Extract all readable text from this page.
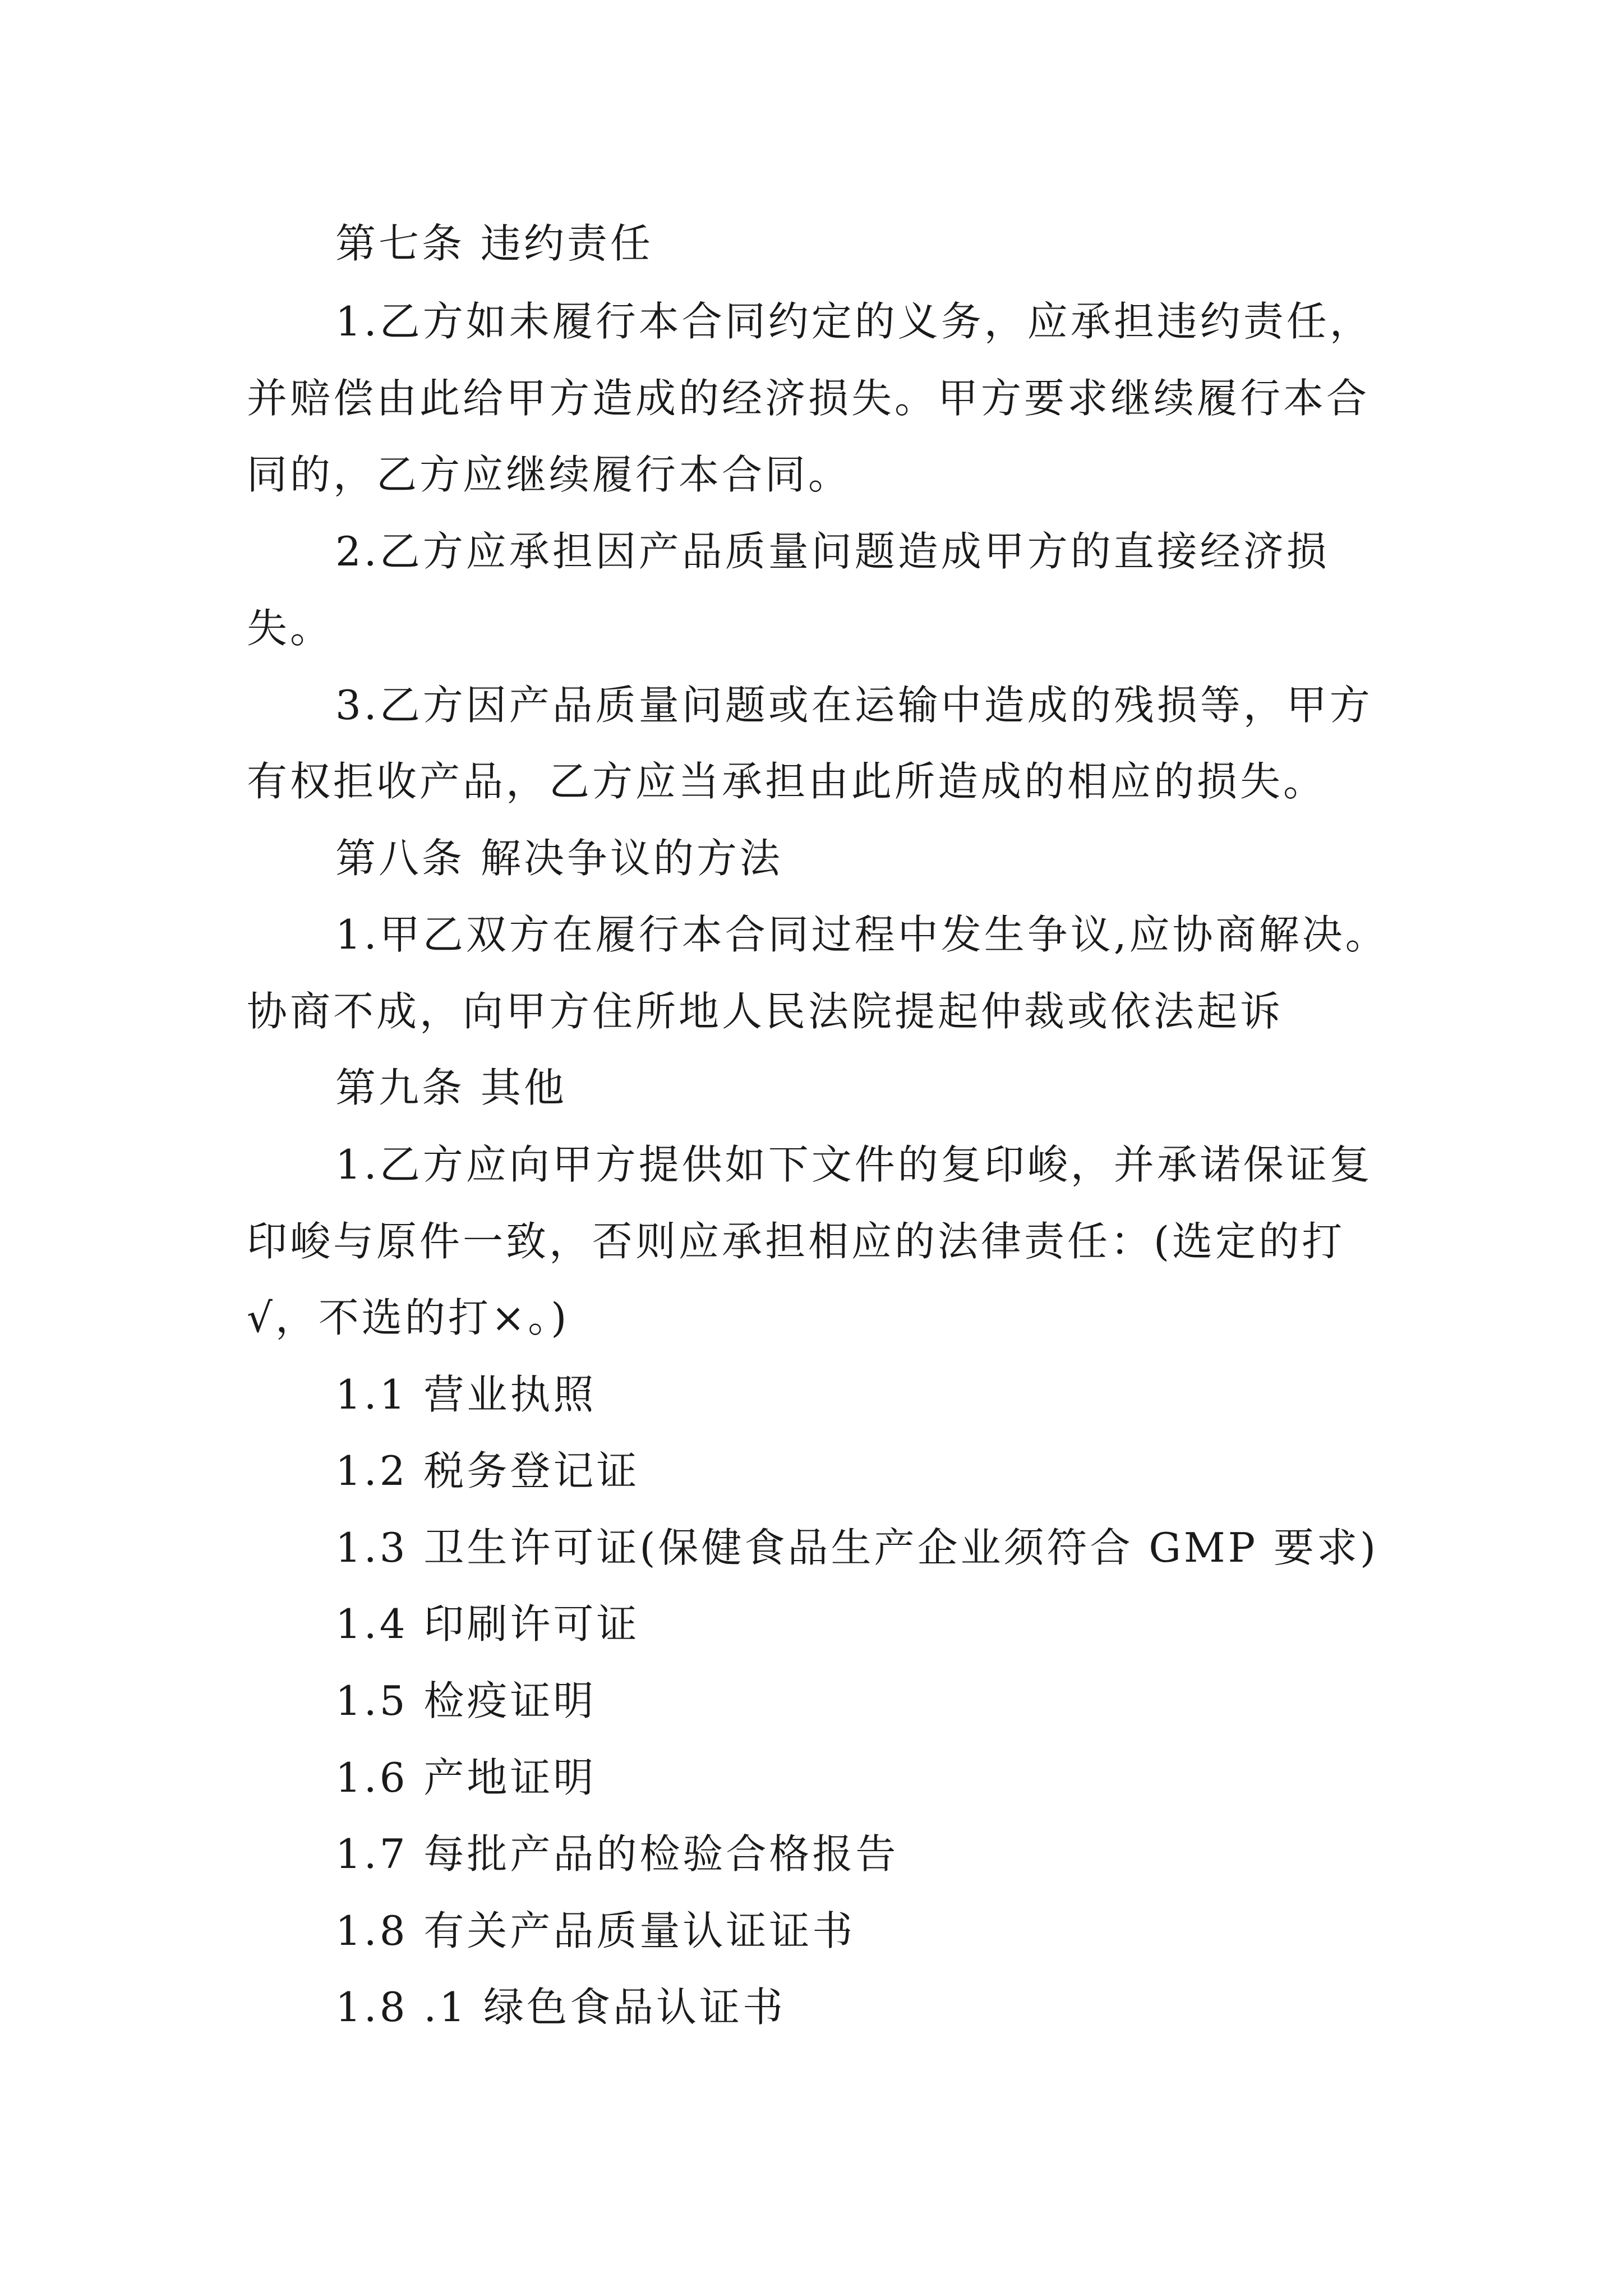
第七条 违约责任
1.乙方如未履行本合同约定的义务，应承担违约责任，
并赔偿由此给甲方造成的经济损失。甲方要求继续履行本合
同的，乙方应继续履行本合同。
2.乙方应承担因产品质量问题造成甲方的直接经济损
失。
3.乙方因产品质量问题或在运输中造成的残损等，甲方
有权拒收产品，乙方应当承担由此所造成的相应的损失。
第八条 解决争议的方法
1.甲乙双方在履行本合同过程中发生争议,应协商解决。
协商不成，向甲方住所地人民法院提起仲裁或依法起诉
第九条 其他
1.乙方应向甲方提供如下文件的复印峻，并承诺保证复
印峻与原件一致，否则应承担相应的法律责任：(选定的打
√，不选的打×。)
1.1 营业执照
1.2 税务登记证
1.3 卫生许可证(保健食品生产企业须符合 GMP 要求)
1.4 印刷许可证
1.5 检疫证明
1.6 产地证明
1.7 每批产品的检验合格报告
1.8 有关产品质量认证证书
1.8 .1 绿色食品认证书
